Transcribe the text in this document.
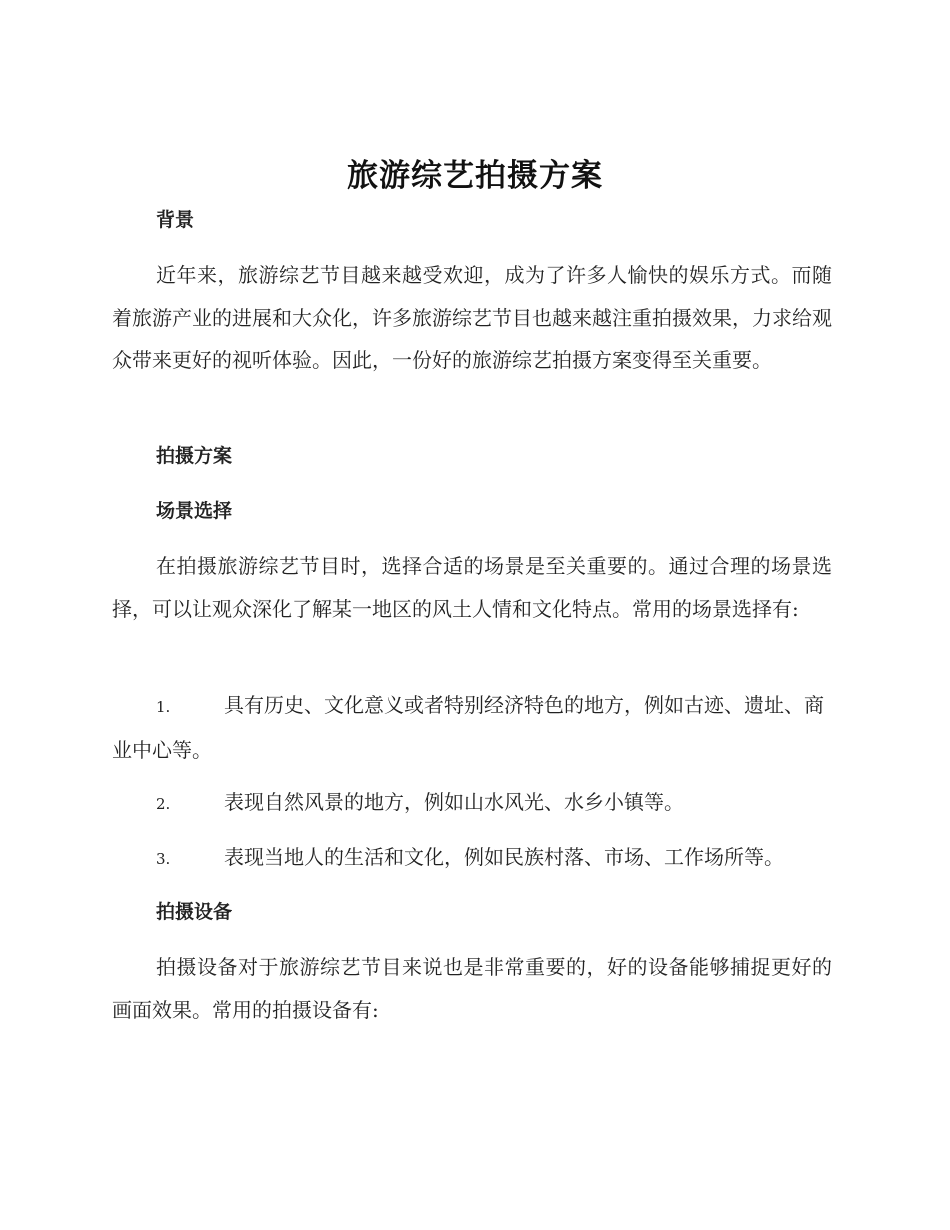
旅游综艺拍摄方案
背景

近年来，旅游综艺节目越来越受欢迎，成为了许多人愉快的娱乐方式。而随着旅游产业的进展和大众化，许多旅游综艺节目也越来越注重拍摄效果，力求给观众带来更好的视听体验。因此，一份好的旅游综艺拍摄方案变得至关重要。

拍摄方案
场景选择

在拍摄旅游综艺节目时，选择合适的场景是至关重要的。通过合理的场景选择，可以让观众深化了解某一地区的风土人情和文化特点。常用的场景选择有:

1.	具有历史、文化意义或者特别经济特色的地方，例如古迹、遗址、商业中心等。

2.	表现自然风景的地方，例如山水风光、水乡小镇等。

3.	表现当地人的生活和文化，例如民族村落、市场、工作场所等。

拍摄设备

拍摄设备对于旅游综艺节目来说也是非常重要的，好的设备能够捕捉更好的画面效果。常用的拍摄设备有:
